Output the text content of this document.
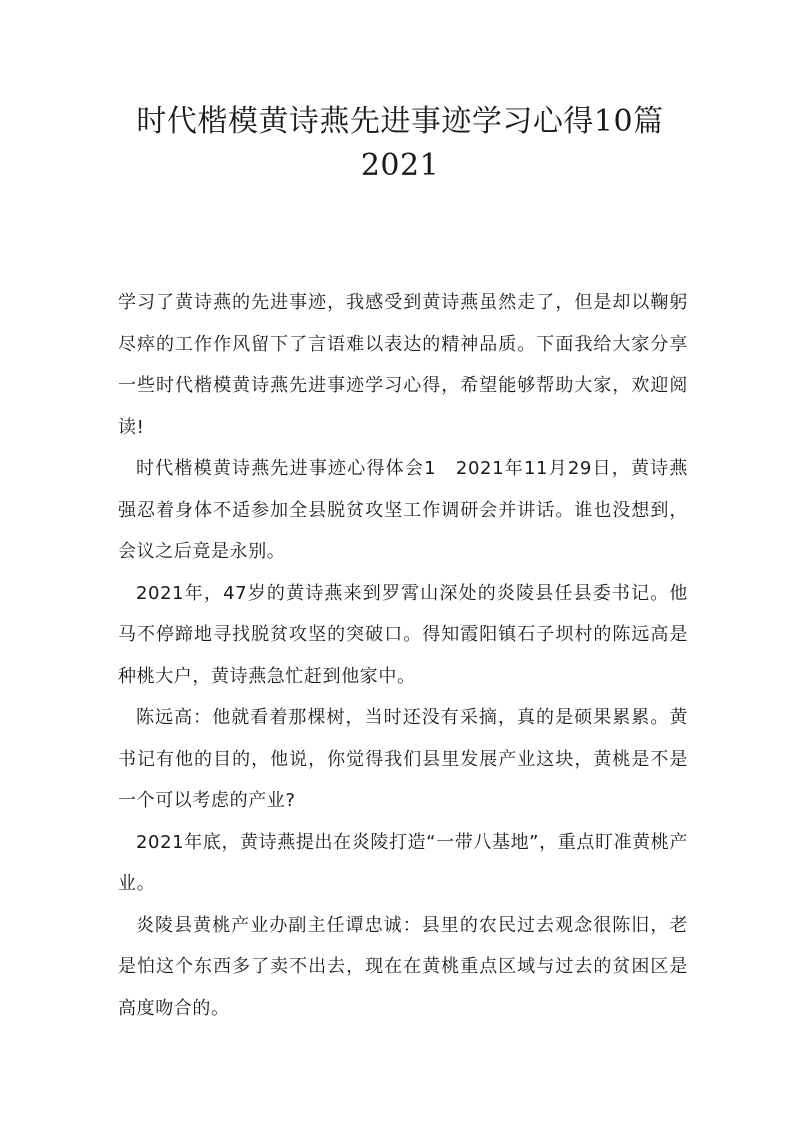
时代楷模黄诗燕先进事迹学习心得10篇
2021

学习了黄诗燕的先进事迹，我感受到黄诗燕虽然走了，但是却以鞠躬尽瘁的工作作风留下了言语难以表达的精神品质。下面我给大家分享一些时代楷模黄诗燕先进事迹学习心得，希望能够帮助大家，欢迎阅读!

时代楷模黄诗燕先进事迹心得体会1　2021年11月29日，黄诗燕强忍着身体不适参加全县脱贫攻坚工作调研会并讲话。谁也没想到，会议之后竟是永别。

2021年，47岁的黄诗燕来到罗霄山深处的炎陵县任县委书记。他马不停蹄地寻找脱贫攻坚的突破口。得知霞阳镇石子坝村的陈远高是种桃大户，黄诗燕急忙赶到他家中。

陈远高：他就看着那棵树，当时还没有采摘，真的是硕果累累。黄书记有他的目的，他说，你觉得我们县里发展产业这块，黄桃是不是一个可以考虑的产业?

2021年底，黄诗燕提出在炎陵打造“一带八基地”，重点盯准黄桃产业。

炎陵县黄桃产业办副主任谭忠诚：县里的农民过去观念很陈旧，老是怕这个东西多了卖不出去，现在在黄桃重点区域与过去的贫困区是高度吻合的。
